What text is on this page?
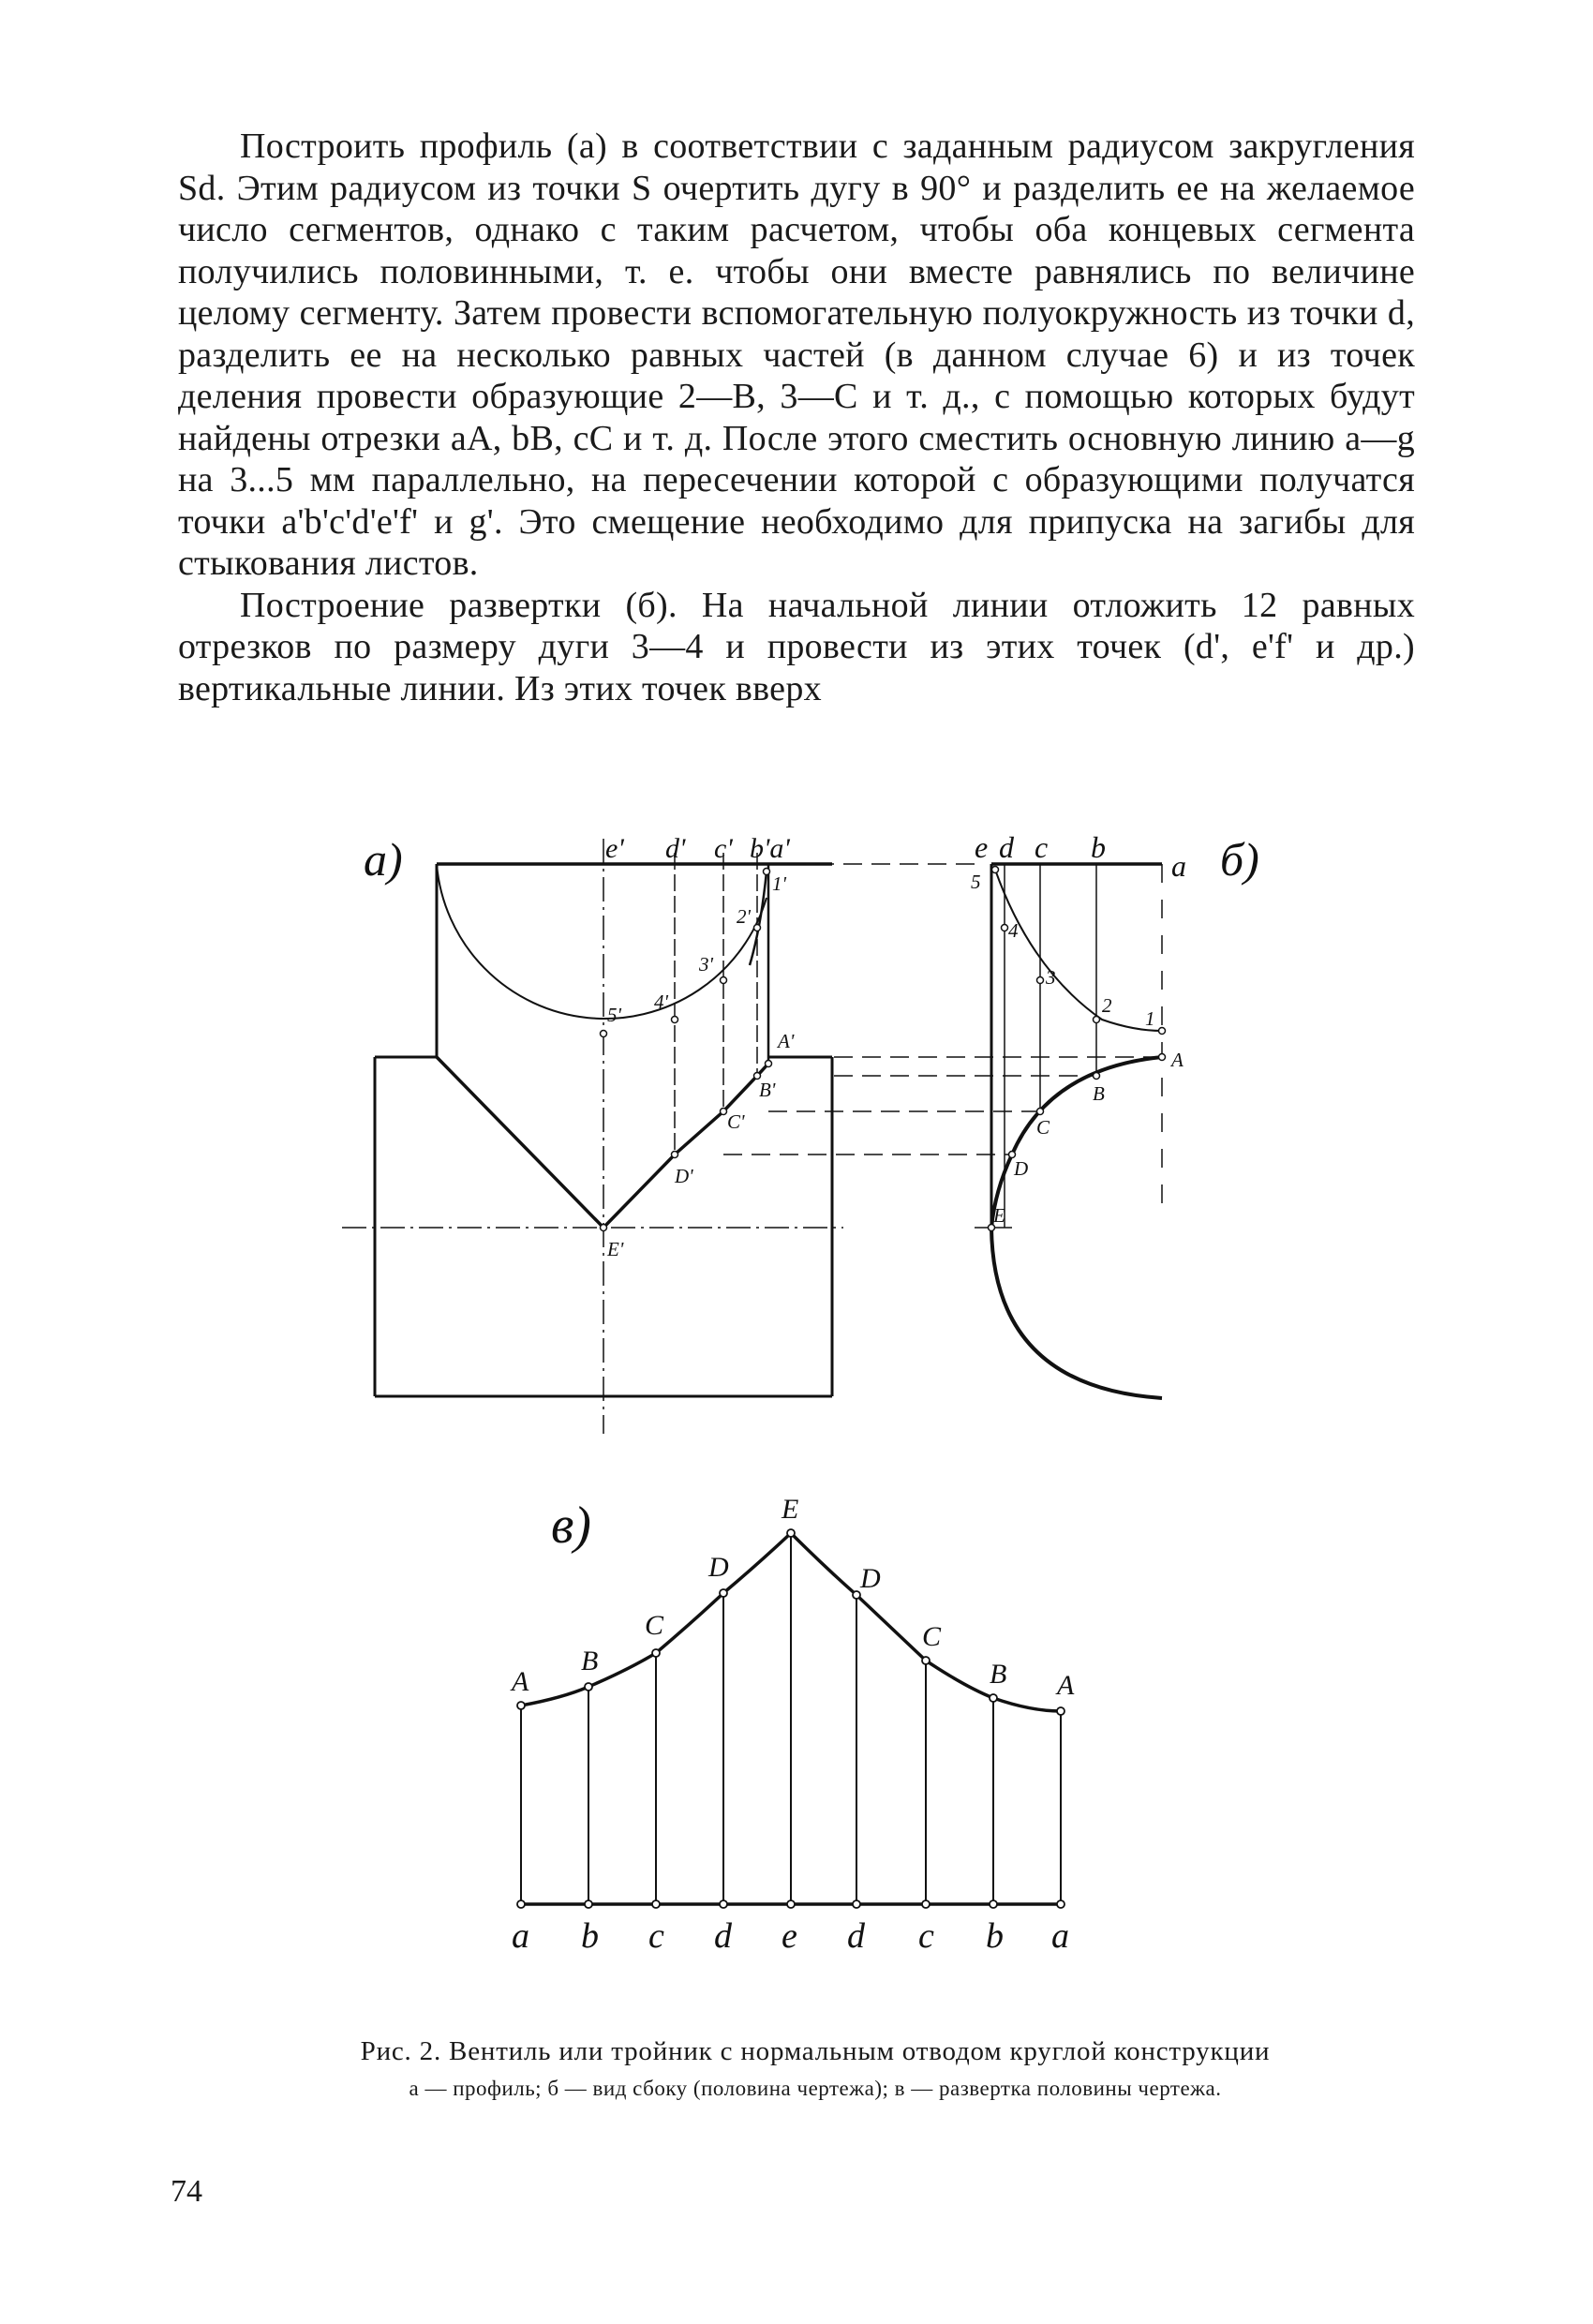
Построить профиль (а) в соответствии с заданным радиусом закругления Sd. Этим радиусом из точки S очертить дугу в 90° и разделить ее на желаемое число сегментов, однако с таким расчетом, чтобы оба концевых сегмента получились половинными, т. е. чтобы они вместе равнялись по величине целому сегменту. Затем провести вспомогательную полуокружность из точки d, разделить ее на несколько равных частей (в данном случае 6) и из точек деления провести образующие 2—В, 3—С и т. д., с помощью которых будут найдены отрезки аА, bВ, сС и т. д. После этого сместить основную линию а—g на 3...5 мм параллельно, на пересечении которой с образующими получатся точки a'b'c'd'e'f' и g'. Это смещение необходимо для припуска на загибы для стыкования листов.

Построение развертки (б). На начальной линии отложить 12 равных отрезков по размеру дуги 3—4 и провести из этих точек (d', e'f' и др.) вертикальные линии. Из этих точек вверх

а)	e' d' c' b'a'
1'
2'
3'
4'
5'
A'
B'
C'
D'
E'
б)
e d c b
a
5
4
3
2
1
A
B
C
D
E
в)
A
B
C
D
E
D
C
B A
a b c d e d c b a
Рис. 2. Вентиль или тройник с нормальным отводом круглой конструкции
а — профиль; б — вид сбоку (половина чертежа); в — развертка половины чертежа.
74
